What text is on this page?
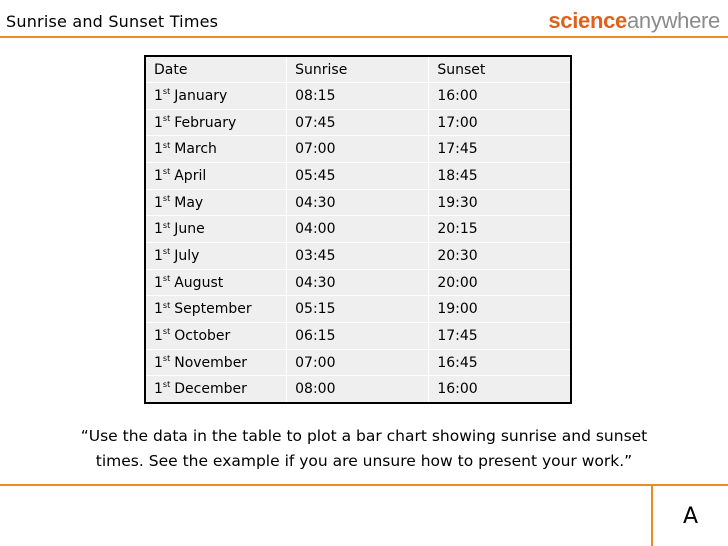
Sunrise and Sunset Times	scienceanywhere
Date	Sunrise	Sunset
1st January	08:15	16:00
1st February	07:45	17:00
1st March	07:00	17:45
1st April	05:45	18:45
1st May	04:30	19:30
1st June	04:00	20:15
1st July	03:45	20:30
1st August	04:30	20:00
1st September	05:15	19:00
1st October	06:15	17:45
1st November	07:00	16:45
1st December	08:00	16:00
“Use the data in the table to plot a bar chart showing sunrise and sunset
times. See the example if you are unsure how to present your work.”
A
